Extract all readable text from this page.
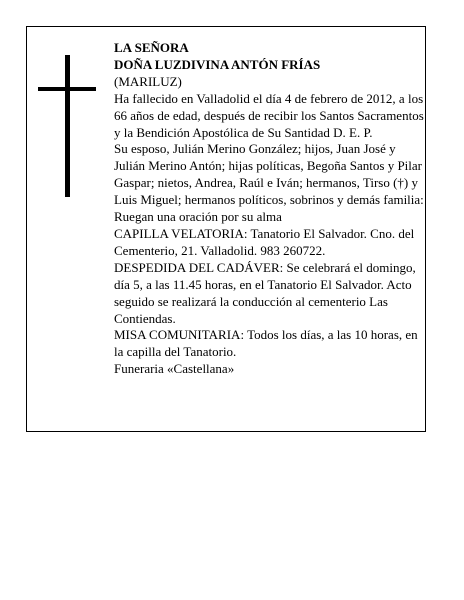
LA SEÑORA

DOÑA LUZDIVINA ANTÓN FRÍAS

(MARILUZ)

Ha fallecido en Valladolid el día 4 de febrero de 2012, a los 66 años de edad, después de recibir los Santos Sacramentos y la Bendición Apostólica de Su Santidad D. E. P.

Su esposo, Julián Merino González; hijos, Juan José y Julián Merino Antón; hijas políticas, Begoña Santos y Pilar Gaspar; nietos, Andrea, Raúl e Iván; hermanos, Tirso (†) y Luis Miguel; hermanos políticos, sobrinos y demás familia:

Ruegan una oración por su alma

CAPILLA VELATORIA: Tanatorio El Salvador. Cno. del Cementerio, 21. Valladolid. 983 260722.

DESPEDIDA DEL CADÁVER: Se celebrará el domingo, día 5, a las 11.45 horas, en el Tanatorio El Salvador. Acto seguido se realizará la conducción al cementerio Las Contiendas.

MISA COMUNITARIA: Todos los días, a las 10 horas, en la capilla del Tanatorio.

Funeraria «Castellana»
